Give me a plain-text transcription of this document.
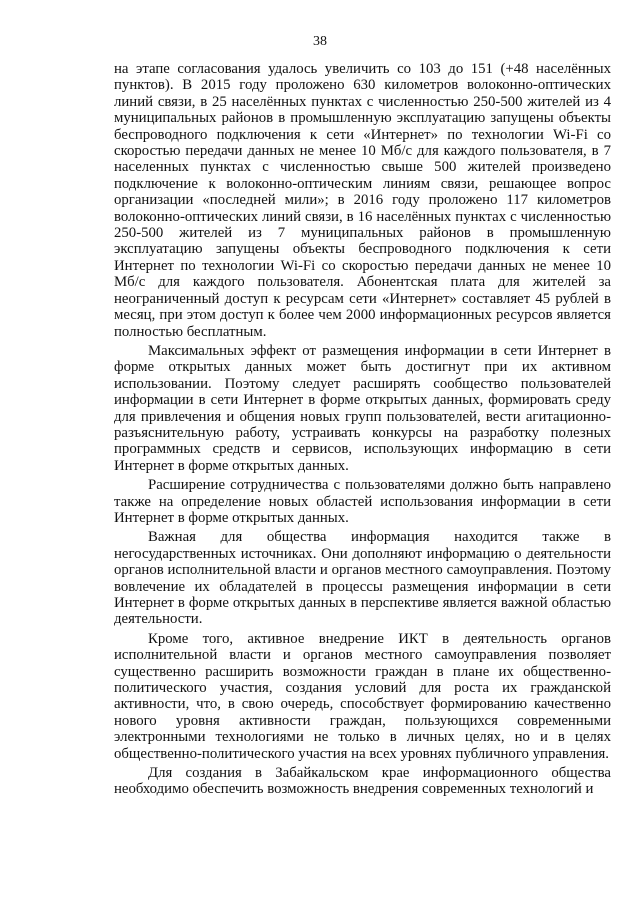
38

на этапе согласования удалось увеличить со 103 до 151 (+48 населённых пунктов). В 2015 году проложено 630 километров волоконно-оптических линий связи, в 25 населённых пунктах с численностью 250-500 жителей из 4 муниципальных районов в промышленную эксплуатацию запущены объекты беспроводного подключения к сети «Интернет» по технологии Wi-Fi со скоростью передачи данных не менее 10 Мб/с для каждого пользователя, в 7 населенных пунктах с численностью свыше 500 жителей произведено подключение к волоконно-оптическим линиям связи, решающее вопрос организации «последней мили»; в 2016 году проложено 117 километров волоконно-оптических линий связи, в 16 населённых пунктах с численностью 250-500 жителей из 7 муниципальных районов в промышленную эксплуатацию запущены объекты беспроводного подключения к сети Интернет по технологии Wi-Fi со скоростью передачи данных не менее 10 Мб/с для каждого пользователя. Абонентская плата для жителей за неограниченный доступ к ресурсам сети «Интернет» составляет 45 рублей в месяц, при этом доступ к более чем 2000 информационных ресурсов является полностью бесплатным.

Максимальных эффект от размещения информации в сети Интернет в форме открытых данных может быть достигнут при их активном использовании. Поэтому следует расширять сообщество пользователей информации в сети Интернет в форме открытых данных, формировать среду для привлечения и общения новых групп пользователей, вести агитационно-разъяснительную работу, устраивать конкурсы на разработку полезных программных средств и сервисов, использующих информацию в сети Интернет в форме открытых данных.

Расширение сотрудничества с пользователями должно быть направлено также на определение новых областей использования информации в сети Интернет в форме открытых данных.

Важная для общества информация находится также в негосударственных источниках. Они дополняют информацию о деятельности органов исполнительной власти и органов местного самоуправления. Поэтому вовлечение их обладателей в процессы размещения информации в сети Интернет в форме открытых данных в перспективе является важной областью деятельности.

Кроме того, активное внедрение ИКТ в деятельность органов исполнительной власти и органов местного самоуправления позволяет существенно расширить возможности граждан в плане их общественно-политического участия, создания условий для роста их гражданской активности, что, в свою очередь, способствует формированию качественно нового уровня активности граждан, пользующихся современными электронными технологиями не только в личных целях, но и в целях общественно-политического участия на всех уровнях публичного управления.

Для создания в Забайкальском крае информационного общества необходимо обеспечить возможность внедрения современных технологий и
